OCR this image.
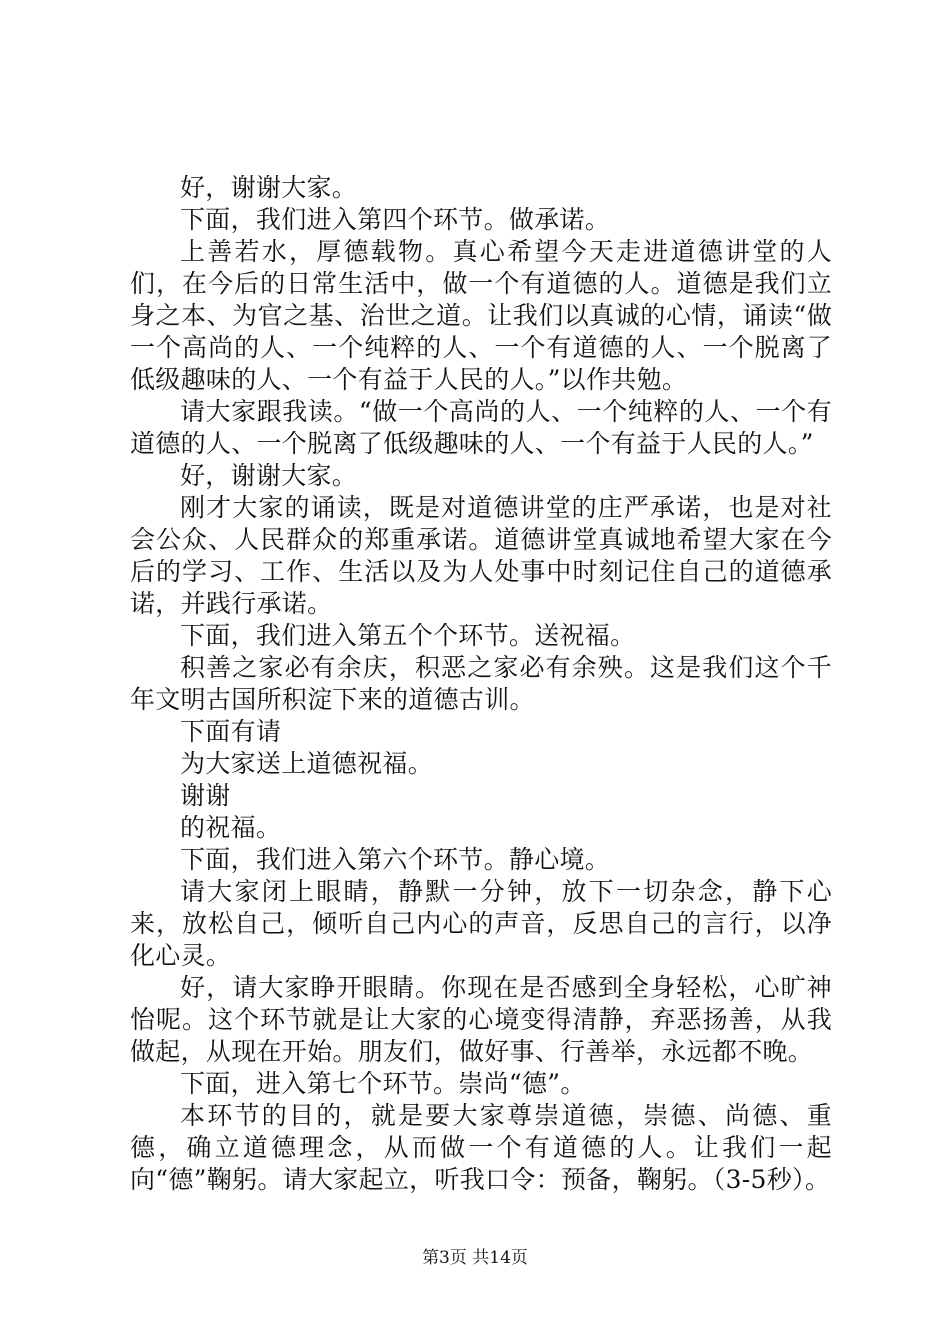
好，谢谢大家。

下面，我们进入第四个环节。做承诺。

上善若水，厚德载物。真心希望今天走进道德讲堂的人们，在今后的日常生活中，做一个有道德的人。道德是我们立身之本、为官之基、治世之道。让我们以真诚的心情，诵读“做一个高尚的人、一个纯粹的人、一个有道德的人、一个脱离了低级趣味的人、一个有益于人民的人。”以作共勉。

请大家跟我读。“做一个高尚的人、一个纯粹的人、一个有道德的人、一个脱离了低级趣味的人、一个有益于人民的人。”

好，谢谢大家。

刚才大家的诵读，既是对道德讲堂的庄严承诺，也是对社会公众、人民群众的郑重承诺。道德讲堂真诚地希望大家在今后的学习、工作、生活以及为人处事中时刻记住自己的道德承诺，并践行承诺。

下面，我们进入第五个个环节。送祝福。

积善之家必有余庆，积恶之家必有余殃。这是我们这个千年文明古国所积淀下来的道德古训。

下面有请

为大家送上道德祝福。

谢谢

的祝福。

下面，我们进入第六个环节。静心境。

请大家闭上眼睛，静默一分钟，放下一切杂念，静下心来，放松自己，倾听自己内心的声音，反思自己的言行，以净化心灵。

好，请大家睁开眼睛。你现在是否感到全身轻松，心旷神怡呢。这个环节就是让大家的心境变得清静，弃恶扬善，从我做起，从现在开始。朋友们，做好事、行善举，永远都不晚。

下面，进入第七个环节。崇尚“德”。

本环节的目的，就是要大家尊崇道德，崇德、尚德、重德，确立道德理念，从而做一个有道德的人。让我们一起向“德”鞠躬。请大家起立，听我口令：预备，鞠躬。（3-5秒）。

第3页 共14页
